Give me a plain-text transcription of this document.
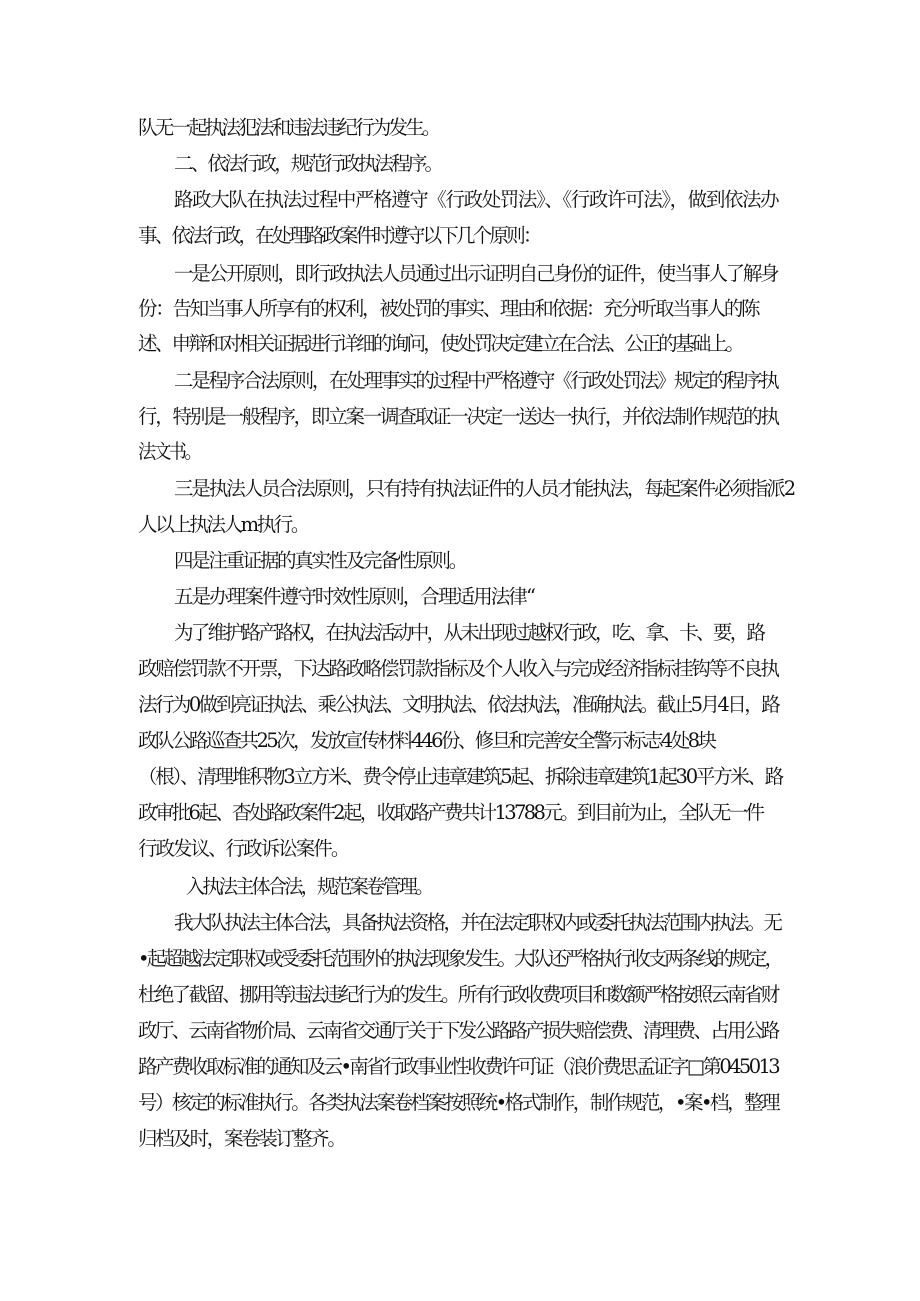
队无一起执法犯法和违法违纪行为发生。
二、依法行政，规范行政执法程序。
路政大队在执法过程中严格遵守《行政处罚法》、《行政许可法》，做到依法办
事、依法行政，在处理路政案件时遵守以下几个原则：
一是公开原则，即行政执法人员通过出示证明自己身份的证件，使当事人了解身
份：告知当事人所享有的权利，被处罚的事实、理由和依据：充分听取当事人的陈
述、申辩和对相关证据进行详细的询问，使处罚决定建立在合法、公正的基础上。
二是程序合法原则，在处理事实的过程中严格遵守《行政处罚法》规定的程序执
行，特别是一般程序，即立案一调查取证一决定一送达一执行，并依法制作规范的执
法文书。
三是执法人员合法原则，只有持有执法证件的人员才能执法，每起案件必须指派2
人以上执法人m执行。
四是注重证据的真实性及完备性原则。
五是办理案件遵守时效性原则，合理适用法律“
为了维护路产路权，在执法活动中，从未出现过越权行政，吃、拿、卡、要，路
政赔偿罚款不开票，下达路政略偿罚款指标及个人收入与完成经济指标挂钩等不良执
法行为0做到亮证执法、乘公执法、文明执法、依法执法，准确执法。截止5月4日，路
政队公路巡查共25次，发放宣传材料446份、修旦和完善安全警示标志4处8块
（根）、清理堆积物3立方米、费令停止违章建筑5起、拆除违章建筑1起30平方米、路
政审批6起、杳处路政案件2起，收取路产费共计13788元。到目前为止，全队无一件
行政发议、行政诉讼案件。
入执法主体合法，规范案卷管理。
我大队执法主体合法，具备执法资格，并在法定职权内或委托执法范围内执法。无
•起超越法定职权或受委托范围外的执法现象发生。大队还严格执行收支两条线的规定，
杜绝了截留、挪用等违法违纪行为的发生。所有行政收费项目和数额严格按照云南省财
政厅、云南省物价局、云南省交通厅关于下发公路路产损失赔偿费、清理费、占用公路
路产费收取标准的通知及云•南省行政事业性收费许可证（浪价费思孟证字□第045013
号）核定的标准执行。各类执法案卷档案按照统•格式制作，制作规范，•案•档，整理
归档及时，案卷装订整齐。
